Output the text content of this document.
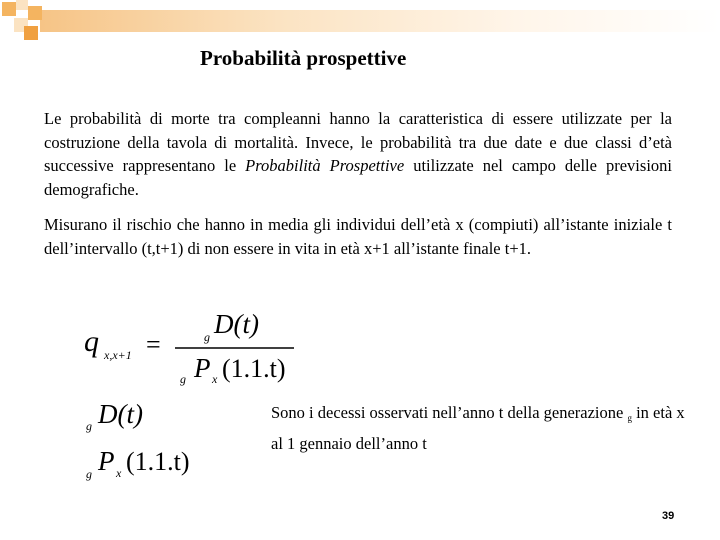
Probabilità prospettive
Le probabilità di morte tra compleanni hanno la caratteristica di essere utilizzate per la costruzione della tavola di mortalità. Invece, le probabilità tra due date e due classi d’età successive rappresentano le Probabilità Prospettive utilizzate nel campo delle previsioni demografiche.
Misurano il rischio che hanno in media gli individui dell’età x (compiuti) all’istante iniziale t dell’intervallo (t,t+1) di non essere in vita in età x+1 all’istante finale t+1.
q x,x+1 =	g D(t)
g P x (1.1.t)
g D(t)
g P x (1.1.t)
Sono i decessi osservati nell’anno t della generazione g in età x al 1 gennaio dell’anno t
39
